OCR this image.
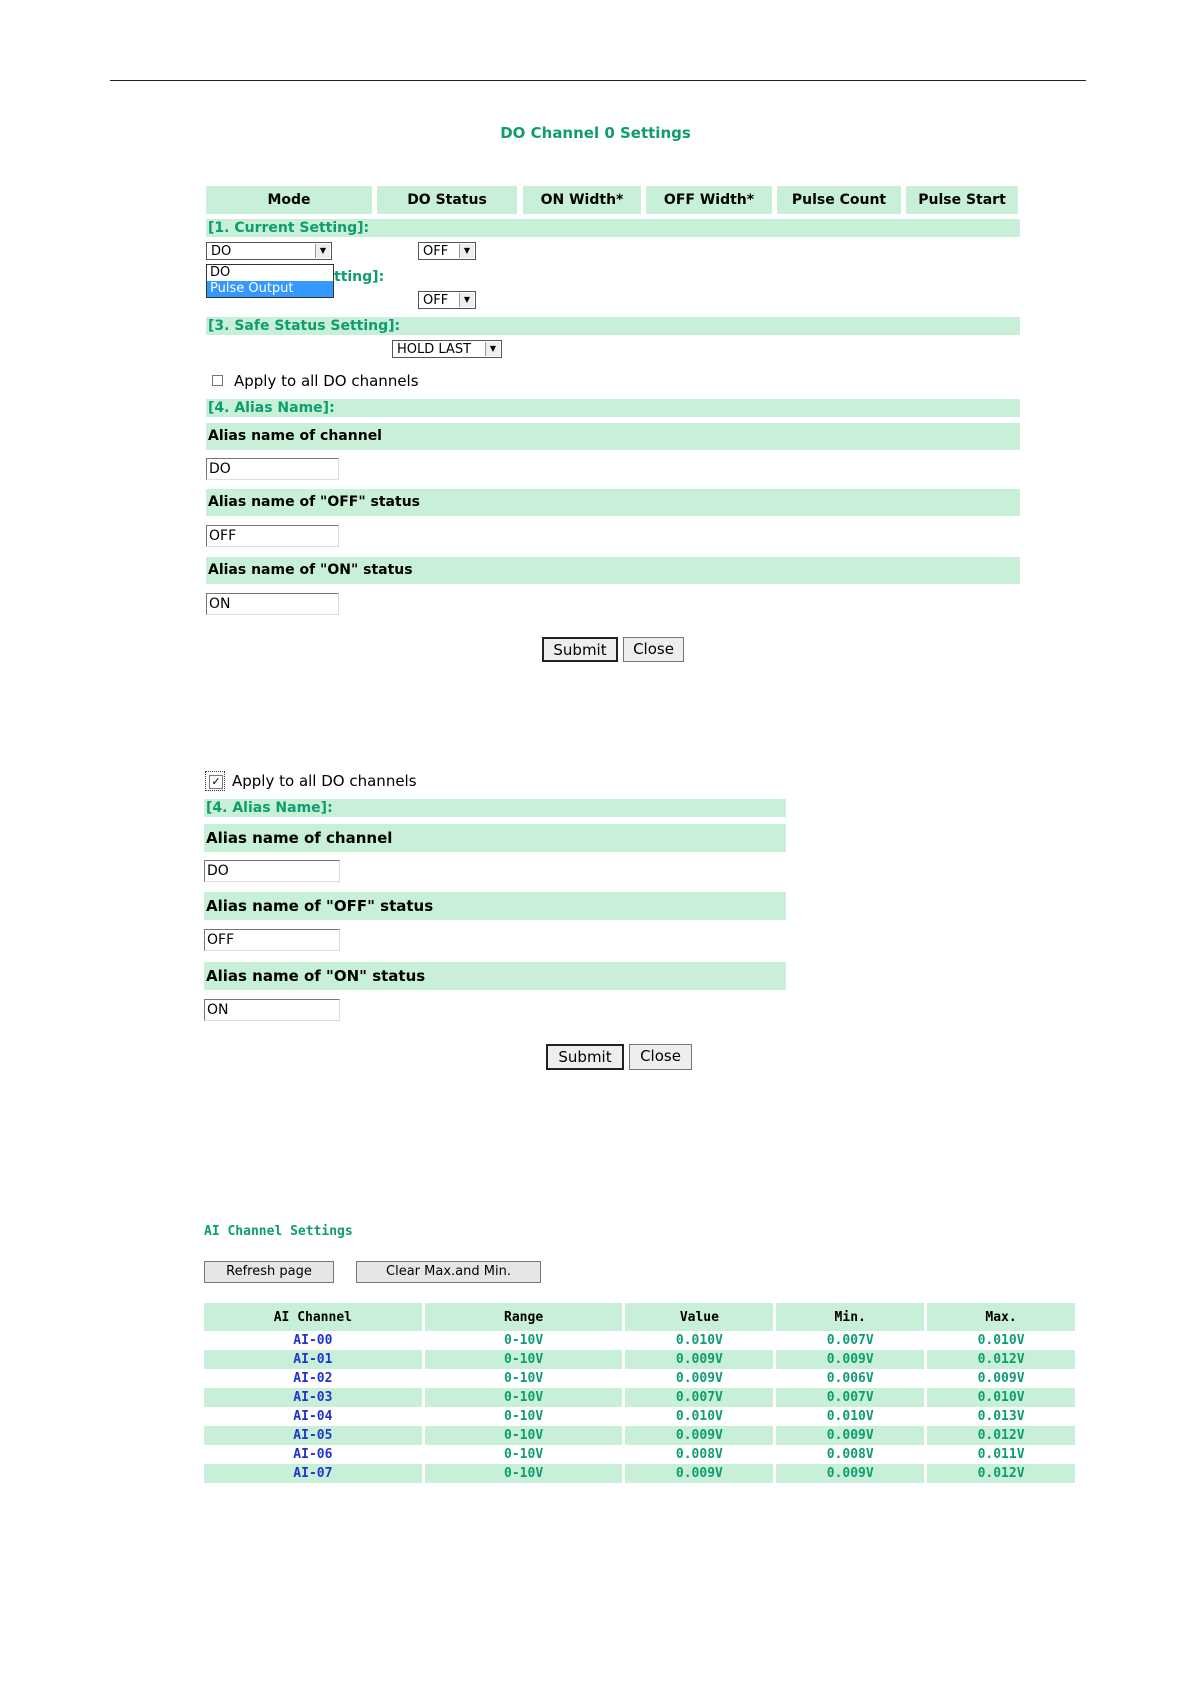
DO Channel 0 Settings
Mode	DO Status	ON Width*	OFF Width*	Pulse Count	Pulse Start
[1. Current Setting]:
DO	▼	OFF	▼
tting]:
DO
Pulse Output
OFF	▼
[3. Safe Status Setting]:
HOLD LAST	▼
Apply to all DO channels
[4. Alias Name]:
Alias name of channel
DO
Alias name of "OFF" status
OFF
Alias name of "ON" status
ON
Submit	Close
✓ Apply to all DO channels
[4. Alias Name]:
Alias name of channel
DO
Alias name of "OFF" status
OFF
Alias name of "ON" status
ON
Submit	Close
AI Channel Settings
Refresh page	Clear Max.and Min.
AI Channel	Range	Value	Min.	Max.
AI-00	0-10V	0.010V	0.007V	0.010V
AI-01	0-10V	0.009V	0.009V	0.012V
AI-02	0-10V	0.009V	0.006V	0.009V
AI-03	0-10V	0.007V	0.007V	0.010V
AI-04	0-10V	0.010V	0.010V	0.013V
AI-05	0-10V	0.009V	0.009V	0.012V
AI-06	0-10V	0.008V	0.008V	0.011V
AI-07	0-10V	0.009V	0.009V	0.012V
